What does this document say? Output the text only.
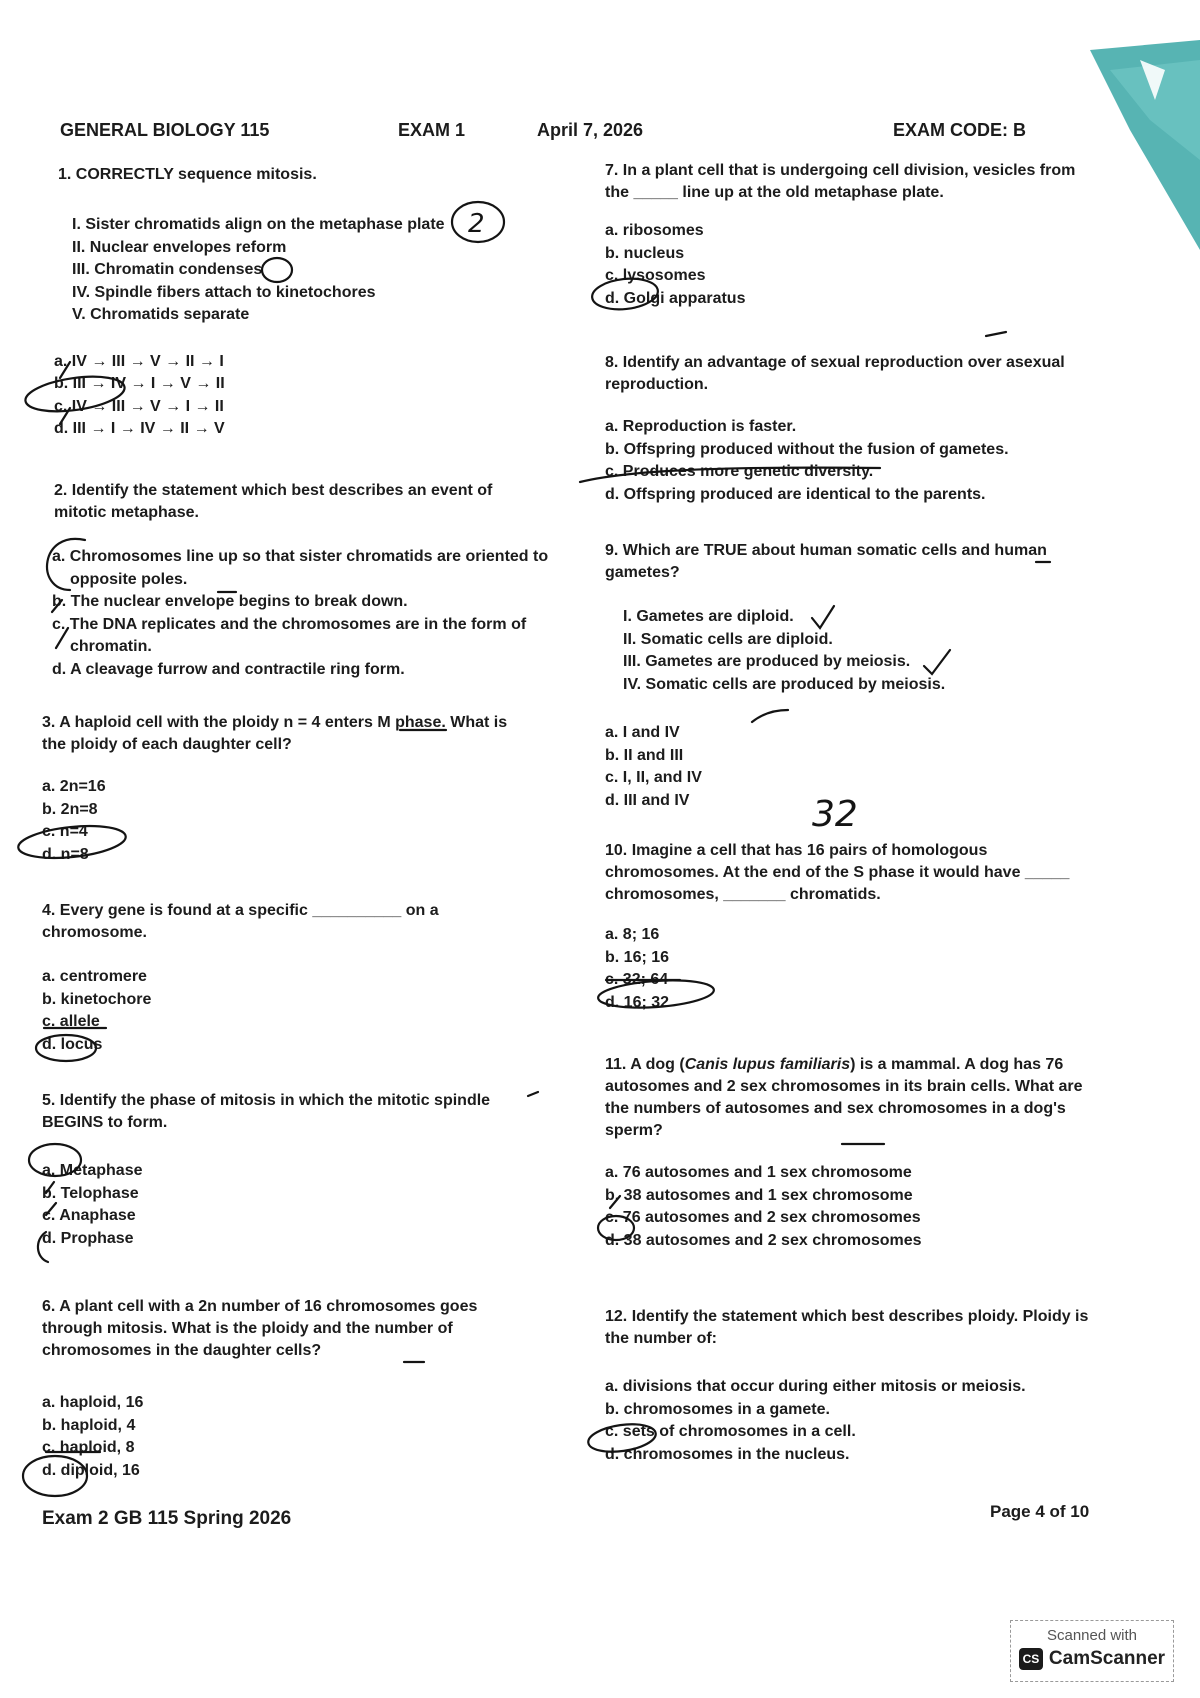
GENERAL BIOLOGY 115	EXAM 1	April 7, 2026	EXAM CODE: B

1. CORRECTLY sequence mitosis.

I. Sister chromatids align on the metaphase plate
II. Nuclear envelopes reform
III. Chromatin condenses
IV. Spindle fibers attach to kinetochores
V. Chromatids separate
a. IV → III → V → II → I
b. III → IV → I → V → II
c. IV → III → V → I → II
d. III → I → IV → II → V

2. Identify the statement which best describes an event of mitotic metaphase.

a. Chromosomes line up so that sister chromatids are oriented to opposite poles.
b. The nuclear envelope begins to break down.
c. The DNA replicates and the chromosomes are in the form of chromatin.
d. A cleavage furrow and contractile ring form.

3. A haploid cell with the ploidy n = 4 enters M phase. What is the ploidy of each daughter cell?

a. 2n=16
b. 2n=8
c. n=4
d. n=8

4. Every gene is found at a specific __________ on a chromosome.

a. centromere
b. kinetochore
c. allele
d. locus

5. Identify the phase of mitosis in which the mitotic spindle BEGINS to form.

a. Metaphase
b. Telophase
c. Anaphase
d. Prophase

6. A plant cell with a 2n number of 16 chromosomes goes through mitosis. What is the ploidy and the number of chromosomes in the daughter cells?

a. haploid, 16
b. haploid, 4
c. haploid, 8
d. diploid, 16

7. In a plant cell that is undergoing cell division, vesicles from the _____ line up at the old metaphase plate.

a. ribosomes
b. nucleus
c. lysosomes
d. Golgi apparatus

8. Identify an advantage of sexual reproduction over asexual reproduction.

a. Reproduction is faster.
b. Offspring produced without the fusion of gametes.
c. Produces more genetic diversity.
d. Offspring produced are identical to the parents.

9. Which are TRUE about human somatic cells and human gametes?

I. Gametes are diploid.
II. Somatic cells are diploid.
III. Gametes are produced by meiosis.
IV. Somatic cells are produced by meiosis.
a. I and IV
b. II and III
c. I, II, and IV
d. III and IV

10. Imagine a cell that has 16 pairs of homologous chromosomes. At the end of the S phase it would have _____ chromosomes, _______ chromatids.

a. 8; 16
b. 16; 16
c. 32; 64
d. 16; 32

11. A dog (Canis lupus familiaris) is a mammal. A dog has 76 autosomes and 2 sex chromosomes in its brain cells. What are the numbers of autosomes and sex chromosomes in a dog's sperm?

a. 76 autosomes and 1 sex chromosome
b. 38 autosomes and 1 sex chromosome
c. 76 autosomes and 2 sex chromosomes
d. 38 autosomes and 2 sex chromosomes

12. Identify the statement which best describes ploidy. Ploidy is the number of:

a. divisions that occur during either mitosis or meiosis.
b. chromosomes in a gamete.
c. sets of chromosomes in a cell.
d. chromosomes in the nucleus.
Exam 2 GB 115 Spring 2026	Page 4 of 10
Scanned with
CS CamScanner
2
32
